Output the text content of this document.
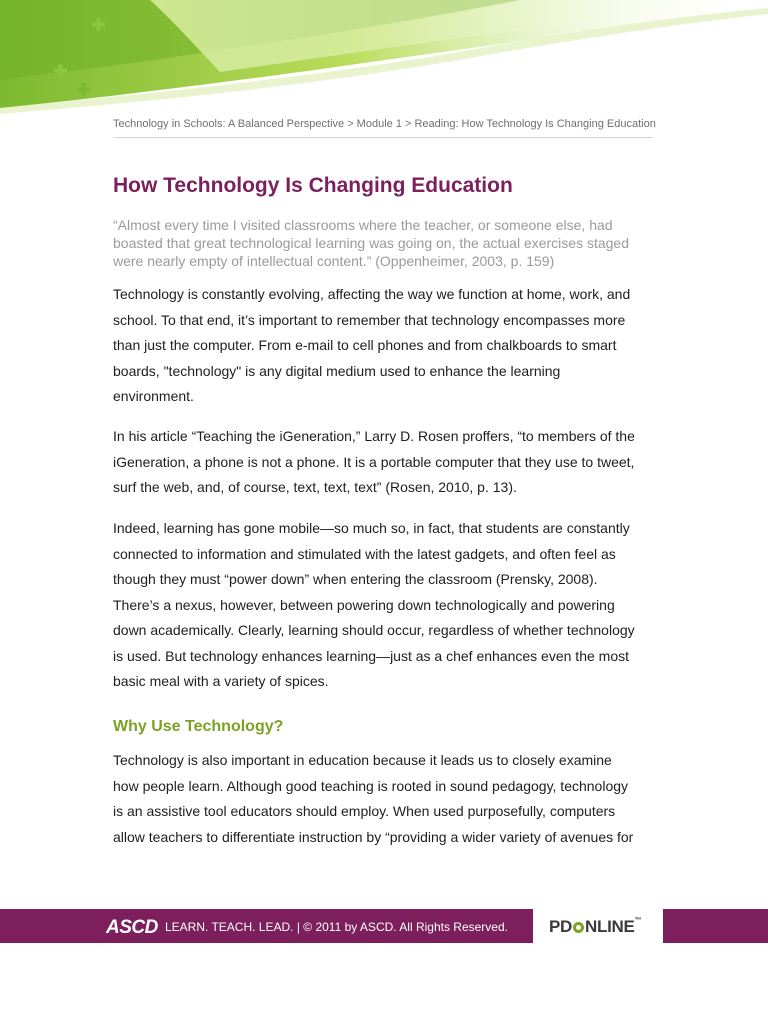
Technology in Schools: A Balanced Perspective > Module 1 > Reading: How Technology Is Changing Education
How Technology Is Changing Education

“Almost every time I visited classrooms where the teacher, or someone else, had
boasted that great technological learning was going on, the actual exercises staged
were nearly empty of intellectual content.” (Oppenheimer, 2003, p. 159)

Technology is constantly evolving, affecting the way we function at home, work, and
school. To that end, it’s important to remember that technology encompasses more
than just the computer. From e-mail to cell phones and from chalkboards to smart
boards, "technology" is any digital medium used to enhance the learning
environment.

In his article “Teaching the iGeneration,” Larry D. Rosen proffers, “to members of the
iGeneration, a phone is not a phone. It is a portable computer that they use to tweet,
surf the web, and, of course, text, text, text” (Rosen, 2010, p. 13).

Indeed, learning has gone mobile—so much so, in fact, that students are constantly
connected to information and stimulated with the latest gadgets, and often feel as
though they must “power down” when entering the classroom (Prensky, 2008).
There’s a nexus, however, between powering down technologically and powering
down academically. Clearly, learning should occur, regardless of whether technology
is used. But technology enhances learning—just as a chef enhances even the most
basic meal with a variety of spices.

Why Use Technology?

Technology is also important in education because it leads us to closely examine
how people learn. Although good teaching is rooted in sound pedagogy, technology
is an assistive tool educators should employ. When used purposefully, computers
allow teachers to differentiate instruction by “providing a wider variety of avenues for

ASCD LEARN. TEACH. LEAD. | © 2011 by ASCD. All Rights Reserved. PD NLINE™
